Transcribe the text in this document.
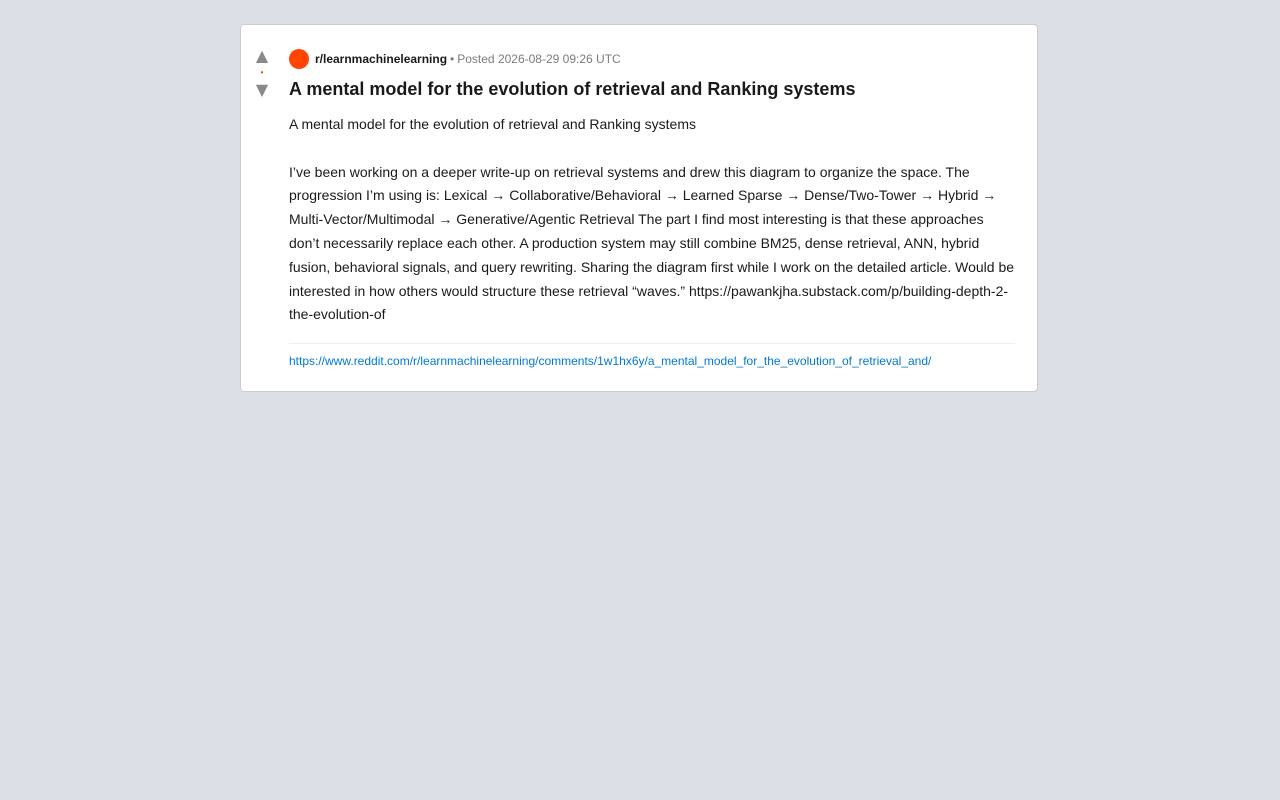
▲
•
▼
r/learnmachinelearning • Posted 2026-08-29 09:26 UTC
A mental model for the evolution of retrieval and Ranking systems

A mental model for the evolution of retrieval and Ranking systems

I’ve been working on a deeper write-up on retrieval systems and drew this diagram to organize the space. The progression I’m using is: Lexical → Collaborative/Behavioral → Learned Sparse → Dense/Two-Tower → Hybrid → Multi-Vector/Multimodal → Generative/Agentic Retrieval The part I find most interesting is that these approaches don’t necessarily replace each other. A production system may still combine BM25, dense retrieval, ANN, hybrid fusion, behavioral signals, and query rewriting. Sharing the diagram first while I work on the detailed article. Would be interested in how others would structure these retrieval “waves.” https://pawankjha.substack.com/p/building-depth-2-the-evolution-of

https://www.reddit.com/r/learnmachinelearning/comments/1w1hx6y/a_mental_model_for_the_evolution_of_retrieval_and/
